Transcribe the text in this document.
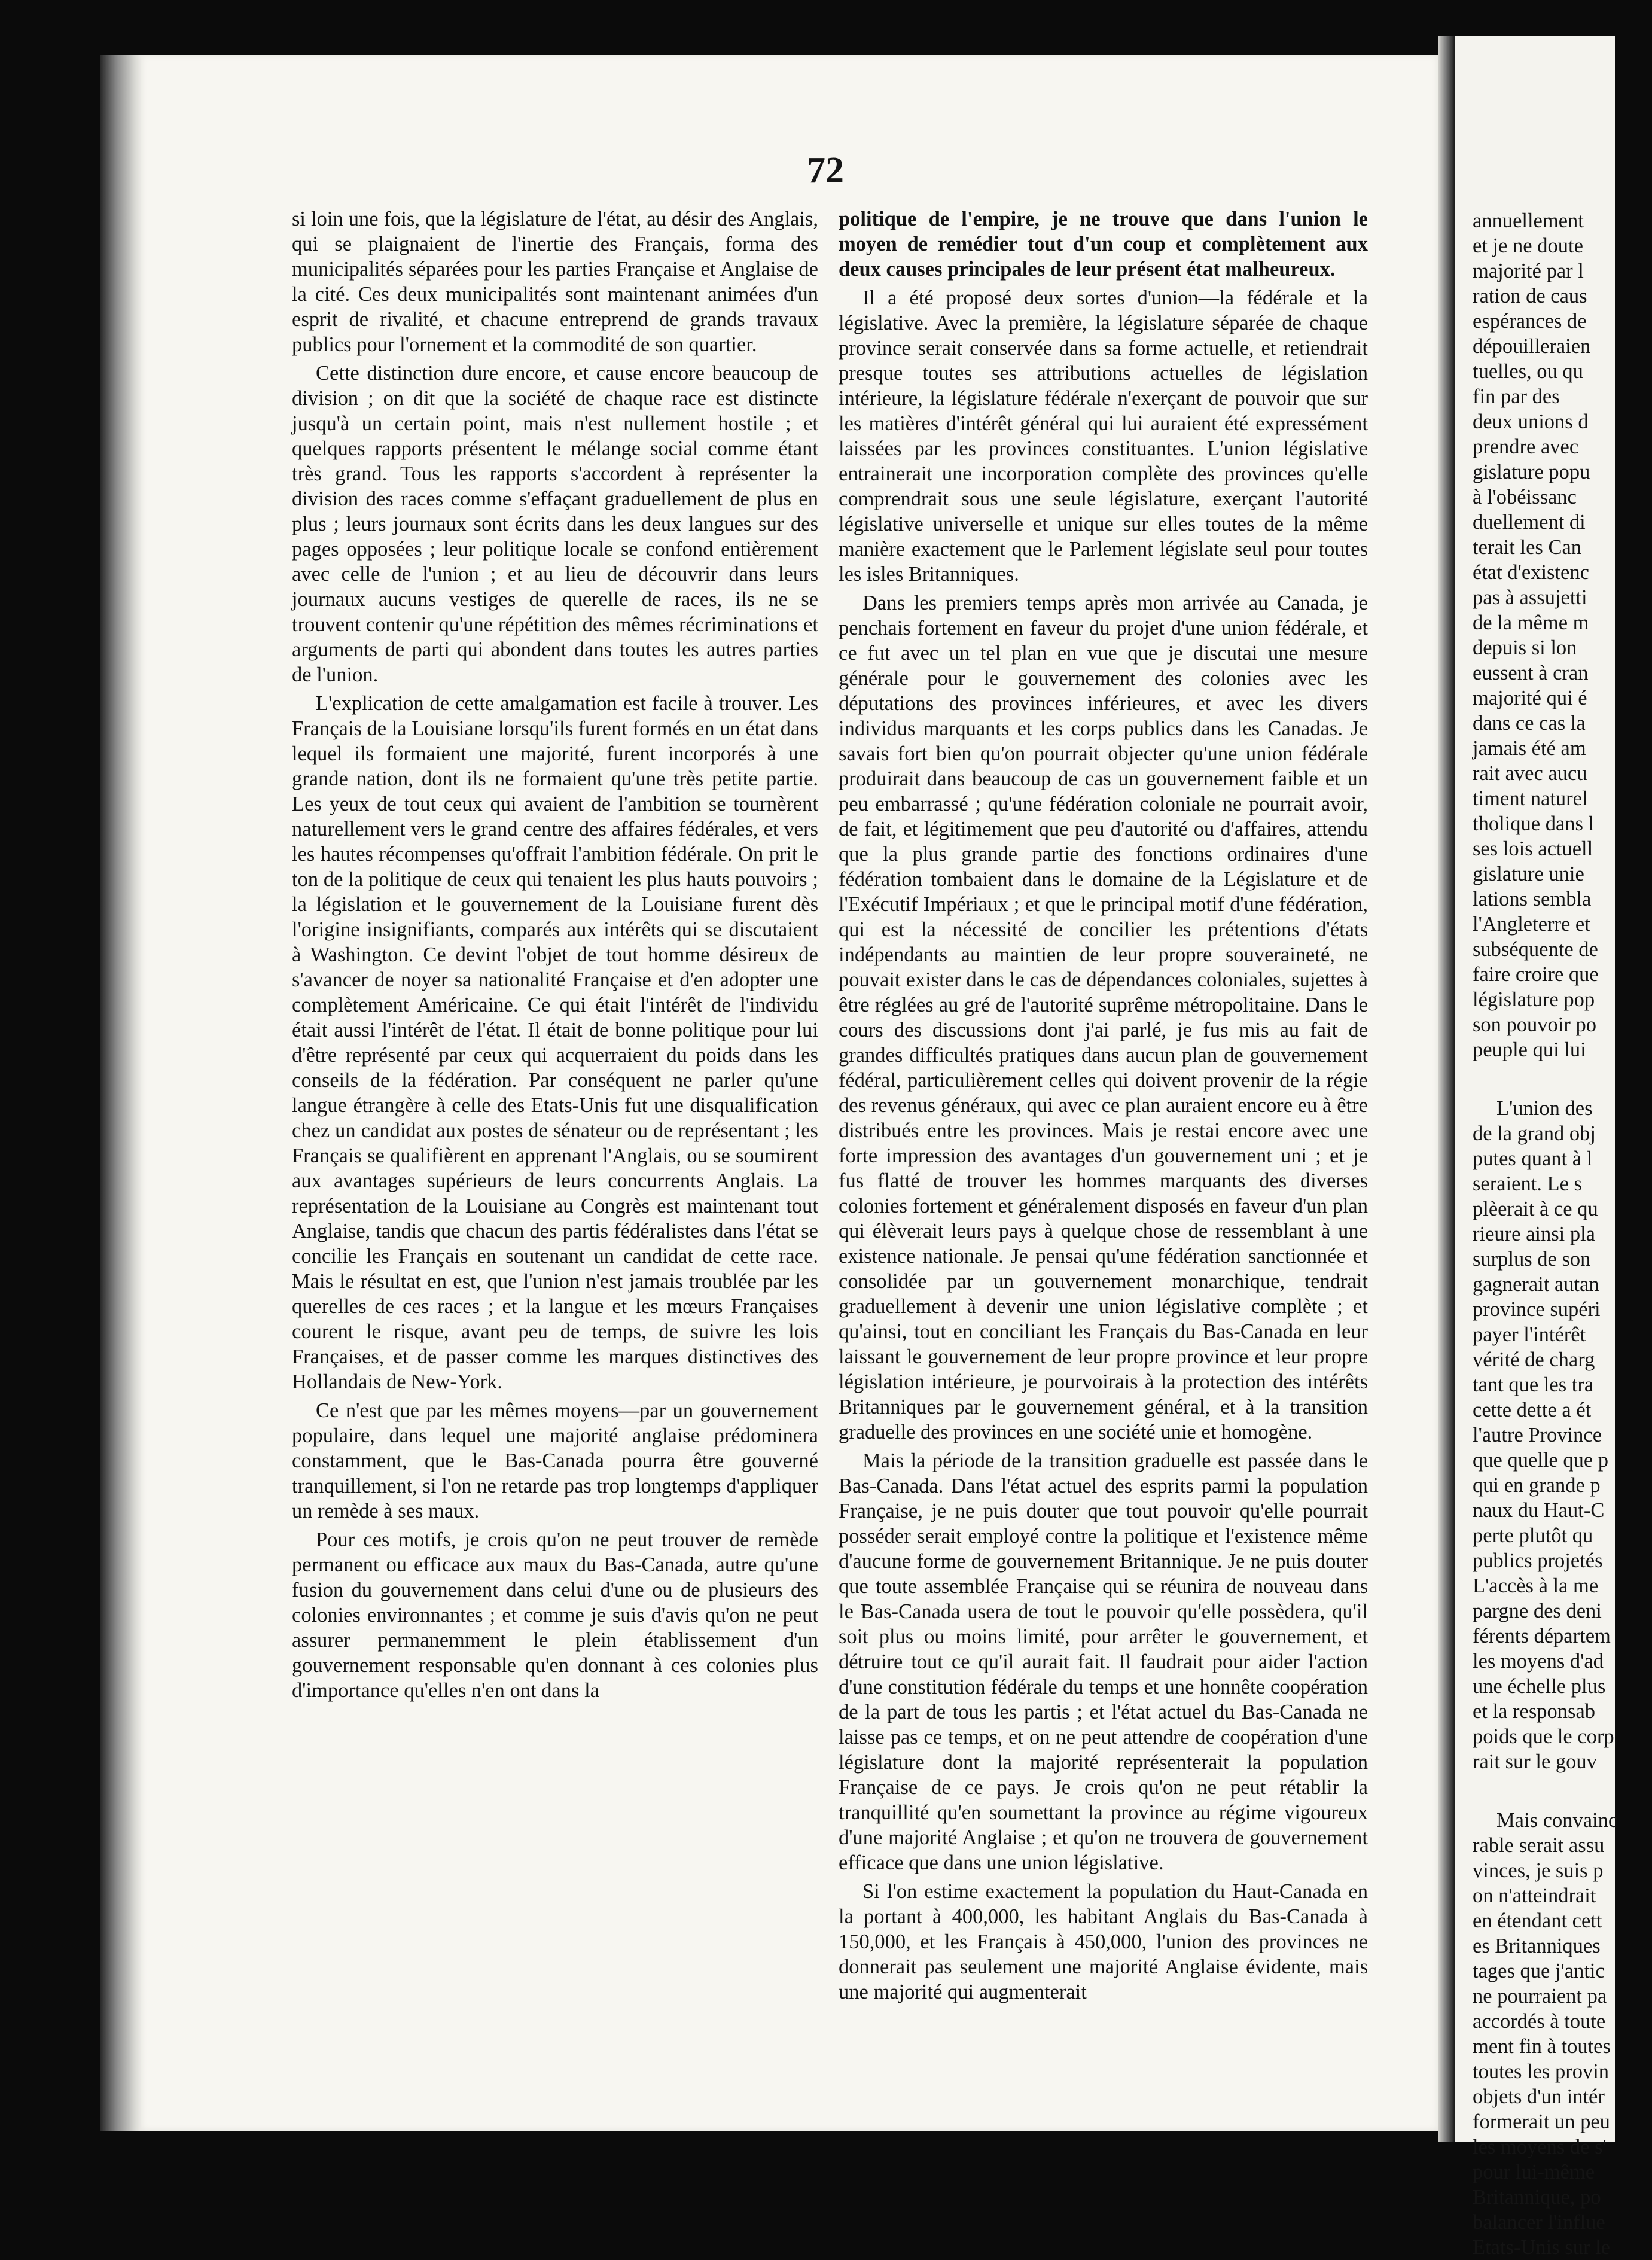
72

si loin une fois, que la législature de l'état, au désir des Anglais, qui se plaignaient de l'inertie des Français, forma des municipalités séparées pour les parties Française et Anglaise de la cité. Ces deux municipalités sont maintenant animées d'un esprit de rivalité, et chacune entreprend de grands travaux publics pour l'ornement et la commodité de son quartier.

Cette distinction dure encore, et cause encore beaucoup de division ; on dit que la société de chaque race est distincte jusqu'à un certain point, mais n'est nullement hostile ; et quelques rapports présentent le mélange social comme étant très grand. Tous les rapports s'accordent à représenter la division des races comme s'effaçant graduellement de plus en plus ; leurs journaux sont écrits dans les deux langues sur des pages opposées ; leur politique locale se confond entièrement avec celle de l'union ; et au lieu de découvrir dans leurs journaux aucuns vestiges de querelle de races, ils ne se trouvent contenir qu'une répétition des mêmes récriminations et arguments de parti qui abondent dans toutes les autres parties de l'union.

L'explication de cette amalgamation est facile à trouver. Les Français de la Louisiane lorsqu'ils furent formés en un état dans lequel ils formaient une majorité, furent incorporés à une grande nation, dont ils ne formaient qu'une très petite partie. Les yeux de tout ceux qui avaient de l'ambition se tournèrent naturellement vers le grand centre des affaires fédérales, et vers les hautes récompenses qu'offrait l'ambition fédérale. On prit le ton de la politique de ceux qui tenaient les plus hauts pouvoirs ; la législation et le gouvernement de la Louisiane furent dès l'origine insignifiants, comparés aux intérêts qui se discutaient à Washington. Ce devint l'objet de tout homme désireux de s'avancer de noyer sa nationalité Française et d'en adopter une complètement Américaine. Ce qui était l'intérêt de l'individu était aussi l'intérêt de l'état. Il était de bonne politique pour lui d'être représenté par ceux qui acquerraient du poids dans les conseils de la fédération. Par conséquent ne parler qu'une langue étrangère à celle des Etats-Unis fut une disqualification chez un candidat aux postes de sénateur ou de représentant ; les Français se qualifièrent en apprenant l'Anglais, ou se soumirent aux avantages supérieurs de leurs concurrents Anglais. La représentation de la Louisiane au Congrès est maintenant tout Anglaise, tandis que chacun des partis fédéralistes dans l'état se concilie les Français en soutenant un candidat de cette race. Mais le résultat en est, que l'union n'est jamais troublée par les querelles de ces races ; et la langue et les mœurs Françaises courent le risque, avant peu de temps, de suivre les lois Françaises, et de passer comme les marques distinctives des Hollandais de New-York.

Ce n'est que par les mêmes moyens—par un gouvernement populaire, dans lequel une majorité anglaise prédominera constamment, que le Bas-Canada pourra être gouverné tranquillement, si l'on ne retarde pas trop longtemps d'appliquer un remède à ses maux.

Pour ces motifs, je crois qu'on ne peut trouver de remède permanent ou efficace aux maux du Bas-Canada, autre qu'une fusion du gouvernement dans celui d'une ou de plusieurs des colonies environnantes ; et comme je suis d'avis qu'on ne peut assurer permanemment le plein établissement d'un gouvernement responsable qu'en donnant à ces colonies plus d'importance qu'elles n'en ont dans la

politique de l'empire, je ne trouve que dans l'union le moyen de remédier tout d'un coup et complètement aux deux causes principales de leur présent état malheureux.

Il a été proposé deux sortes d'union—la fédérale et la législative. Avec la première, la législature séparée de chaque province serait conservée dans sa forme actuelle, et retiendrait presque toutes ses attributions actuelles de législation intérieure, la législature fédérale n'exerçant de pouvoir que sur les matières d'intérêt général qui lui auraient été expressément laissées par les provinces constituantes. L'union législative entrainerait une incorporation complète des provinces qu'elle comprendrait sous une seule législature, exerçant l'autorité législative universelle et unique sur elles toutes de la même manière exactement que le Parlement législate seul pour toutes les isles Britanniques.

Dans les premiers temps après mon arrivée au Canada, je penchais fortement en faveur du projet d'une union fédérale, et ce fut avec un tel plan en vue que je discutai une mesure générale pour le gouvernement des colonies avec les députations des provinces inférieures, et avec les divers individus marquants et les corps publics dans les Canadas. Je savais fort bien qu'on pourrait objecter qu'une union fédérale produirait dans beaucoup de cas un gouvernement faible et un peu embarrassé ; qu'une fédération coloniale ne pourrait avoir, de fait, et légitimement que peu d'autorité ou d'affaires, attendu que la plus grande partie des fonctions ordinaires d'une fédération tombaient dans le domaine de la Législature et de l'Exécutif Impériaux ; et que le principal motif d'une fédération, qui est la nécessité de concilier les prétentions d'états indépendants au maintien de leur propre souveraineté, ne pouvait exister dans le cas de dépendances coloniales, sujettes à être réglées au gré de l'autorité suprême métropolitaine. Dans le cours des discussions dont j'ai parlé, je fus mis au fait de grandes difficultés pratiques dans aucun plan de gouvernement fédéral, particulièrement celles qui doivent provenir de la régie des revenus généraux, qui avec ce plan auraient encore eu à être distribués entre les provinces. Mais je restai encore avec une forte impression des avantages d'un gouvernement uni ; et je fus flatté de trouver les hommes marquants des diverses colonies fortement et généralement disposés en faveur d'un plan qui élèverait leurs pays à quelque chose de ressemblant à une existence nationale. Je pensai qu'une fédération sanctionnée et consolidée par un gouvernement monarchique, tendrait graduellement à devenir une union législative complète ; et qu'ainsi, tout en conciliant les Français du Bas-Canada en leur laissant le gouvernement de leur propre province et leur propre législation intérieure, je pourvoirais à la protection des intérêts Britanniques par le gouvernement général, et à la transition graduelle des provinces en une société unie et homogène.

Mais la période de la transition graduelle est passée dans le Bas-Canada. Dans l'état actuel des esprits parmi la population Française, je ne puis douter que tout pouvoir qu'elle pourrait posséder serait employé contre la politique et l'existence même d'aucune forme de gouvernement Britannique. Je ne puis douter que toute assemblée Française qui se réunira de nouveau dans le Bas-Canada usera de tout le pouvoir qu'elle possèdera, qu'il soit plus ou moins limité, pour arrêter le gouvernement, et détruire tout ce qu'il aurait fait. Il faudrait pour aider l'action d'une constitution fédérale du temps et une honnête coopération de la part de tous les partis ; et l'état actuel du Bas-Canada ne laisse pas ce temps, et on ne peut attendre de coopération d'une législature dont la majorité représenterait la population Française de ce pays. Je crois qu'on ne peut rétablir la tranquillité qu'en soumettant la province au régime vigoureux d'une majorité Anglaise ; et qu'on ne trouvera de gouvernement efficace que dans une union législative.

Si l'on estime exactement la population du Haut-Canada en la portant à 400,000, les habitant Anglais du Bas-Canada à 150,000, et les Français à 450,000, l'union des provinces ne donnerait pas seulement une majorité Anglaise évidente, mais une majorité qui augmenterait

annuellement
et je ne doute
majorité par l
ration de caus
espérances de
dépouilleraien
tuelles, ou qu
fin par des
deux unions d
prendre avec
gislature popu
à l'obéissanc
duellement di
terait les Can
état d'existenc
pas à assujetti
de la même m
depuis si lon
eussent à cran
majorité qui é
dans ce cas la
jamais été am
rait avec aucu
timent naturel
tholique dans l
ses lois actuell
gislature unie
lations sembla
l'Angleterre et
subséquente de
faire croire que
législature pop
son pouvoir po
peuple qui lui
L'union des
de la grand obj
putes quant à l
seraient. Le s
plèerait à ce qu
rieure ainsi pla
surplus de son
gagnerait autan
province supéri
payer l'intérêt
vérité de charg
tant que les tra
cette dette a ét
l'autre Province
que quelle que p
qui en grande p
naux du Haut-C
perte plutôt qu
publics projetés
L'accès à la me
pargne des deni
férents départem
les moyens d'ad
une échelle plus
et la responsab
poids que le corp
rait sur le gouv
Mais convainc
rable serait assu
vinces, je suis p
on n'atteindrait
en étendant cett
es Britanniques
tages que j'antic
ne pourraient pa
accordés à toute
ment fin à toutes
toutes les provin
objets d'un intér
formerait un peu
les moyens de s'
pour lui-même
Britannique, po
balancer l'influe
Etats-Unis sur le
